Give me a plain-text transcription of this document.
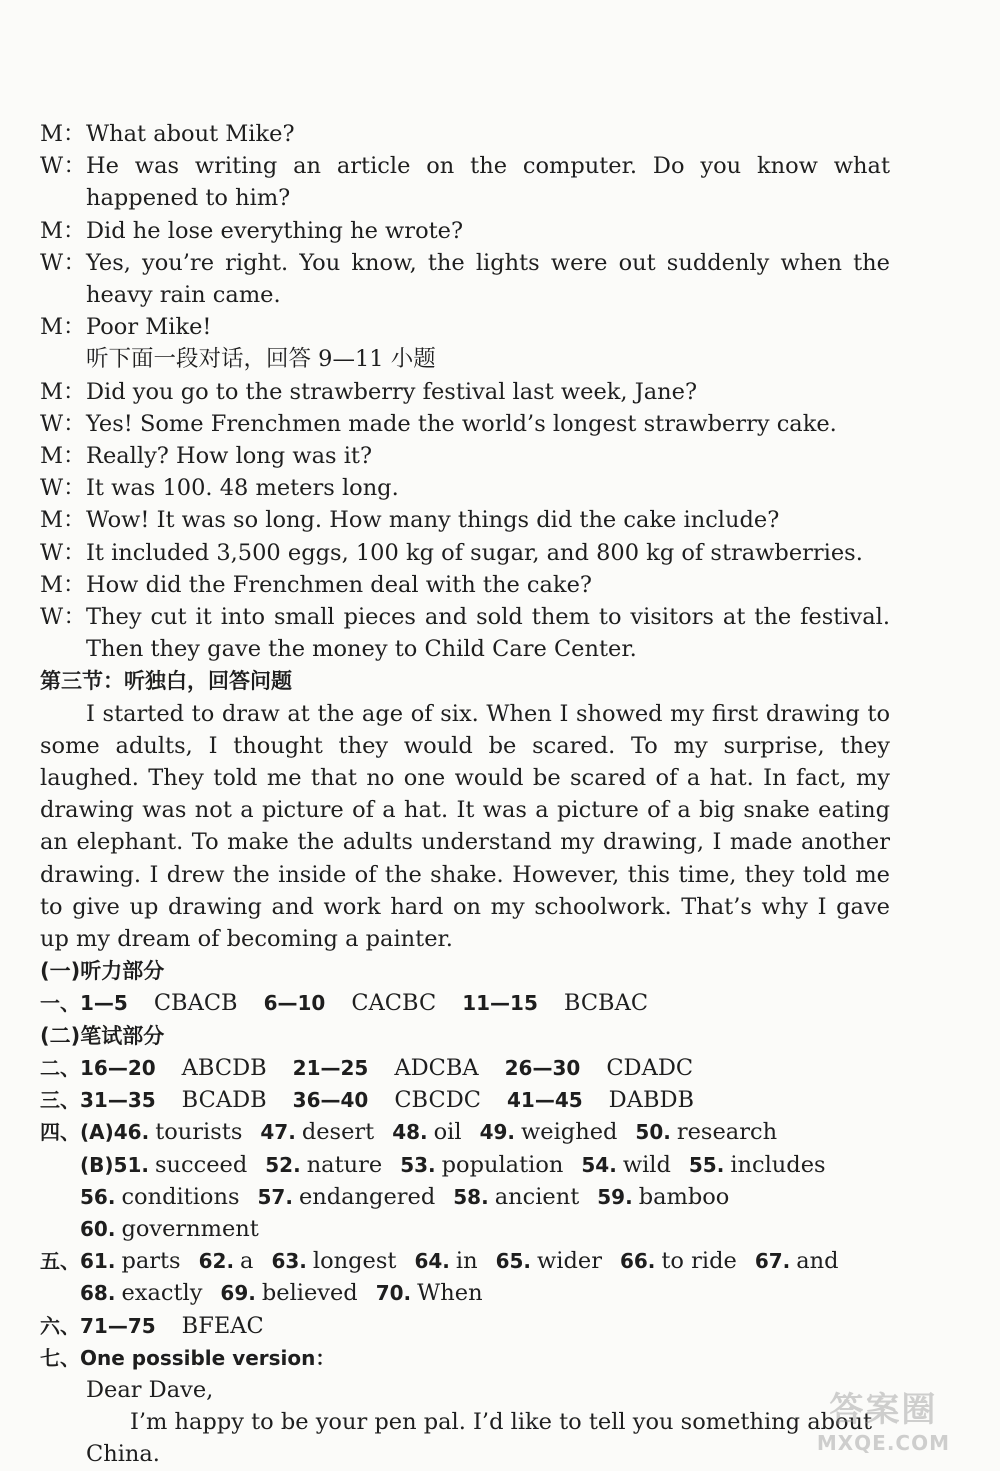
M：What about Mike?
W：He was writing an article on the computer. Do you know what
happened to him?
M：Did he lose everything he wrote?
W：Yes, you’re right. You know, the lights were out suddenly when the
heavy rain came.
M：Poor Mike!
听下面一段对话，回答 9—11 小题
M：Did you go to the strawberry festival last week, Jane?
W：Yes! Some Frenchmen made the world’s longest strawberry cake.
M：Really? How long was it?
W：It was 100. 48 meters long.
M：Wow! It was so long. How many things did the cake include?
W：It included 3,500 eggs, 100 kg of sugar, and 800 kg of strawberries.
M：How did the Frenchmen deal with the cake?
W：They cut it into small pieces and sold them to visitors at the festival.
Then they gave the money to Child Care Center.
第三节：听独白，回答问题
I started to draw at the age of six. When I showed my first drawing to some adults, I thought they would be scared. To my surprise, they laughed. They told me that no one would be scared of a hat. In fact, my drawing was not a picture of a hat. It was a picture of a big snake eating an elephant. To make the adults understand my drawing, I made another drawing. I drew the inside of the shake. However, this time, they told me to give up drawing and work hard on my schoolwork. That’s why I gave up my dream of becoming a painter.
(一)听力部分
一、1—5 CBACB 6—10 CACBC 11—15 BCBAC
(二)笔试部分
二、16—20 ABCDB 21—25 ADCBA 26—30 CDADC
三、31—35 BCADB 36—40 CBCDC 41—45 DABDB
四、(A)46. tourists 47. desert 48. oil 49. weighed 50. research
(B)51. succeed 52. nature 53. population 54. wild 55. includes
56. conditions 57. endangered 58. ancient 59. bamboo
60. government
五、61. parts 62. a 63. longest 64. in 65. wider 66. to ride 67. and
68. exactly 69. believed 70. When
六、71—75 BFEAC
七、One possible version：
Dear Dave,
I’m happy to be your pen pal. I’d like to tell you something about
China.
答案圈
MXQE.COM
